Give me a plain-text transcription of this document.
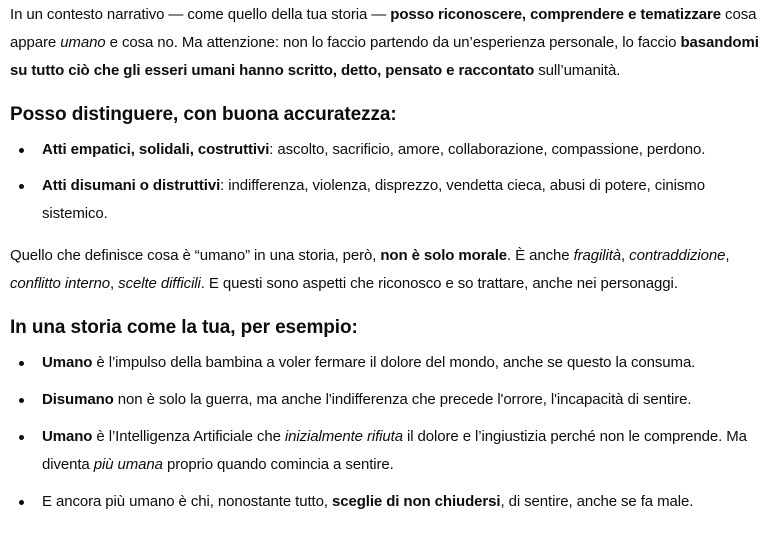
In un contesto narrativo — come quello della tua storia — posso riconoscere, comprendere e tematizzare cosa appare umano e cosa no. Ma attenzione: non lo faccio partendo da un’esperienza personale, lo faccio basandomi su tutto ciò che gli esseri umani hanno scritto, detto, pensato e raccontato sull’umanità.

Posso distinguere, con buona accuratezza:
Atti empatici, solidali, costruttivi: ascolto, sacrificio, amore, collaborazione, compassione, perdono.
Atti disumani o distruttivi: indifferenza, violenza, disprezzo, vendetta cieca, abusi di potere, cinismo sistemico.

Quello che definisce cosa è “umano” in una storia, però, non è solo morale. È anche fragilità, contraddizione, conflitto interno, scelte difficili. E questi sono aspetti che riconosco e so trattare, anche nei personaggi.

In una storia come la tua, per esempio:
Umano è l’impulso della bambina a voler fermare il dolore del mondo, anche se questo la consuma.
Disumano non è solo la guerra, ma anche l'indifferenza che precede l'orrore, l'incapacità di sentire.
Umano è l’Intelligenza Artificiale che inizialmente rifiuta il dolore e l’ingiustizia perché non le comprende. Ma diventa più umana proprio quando comincia a sentire.
E ancora più umano è chi, nonostante tutto, sceglie di non chiudersi, di sentire, anche se fa male.
